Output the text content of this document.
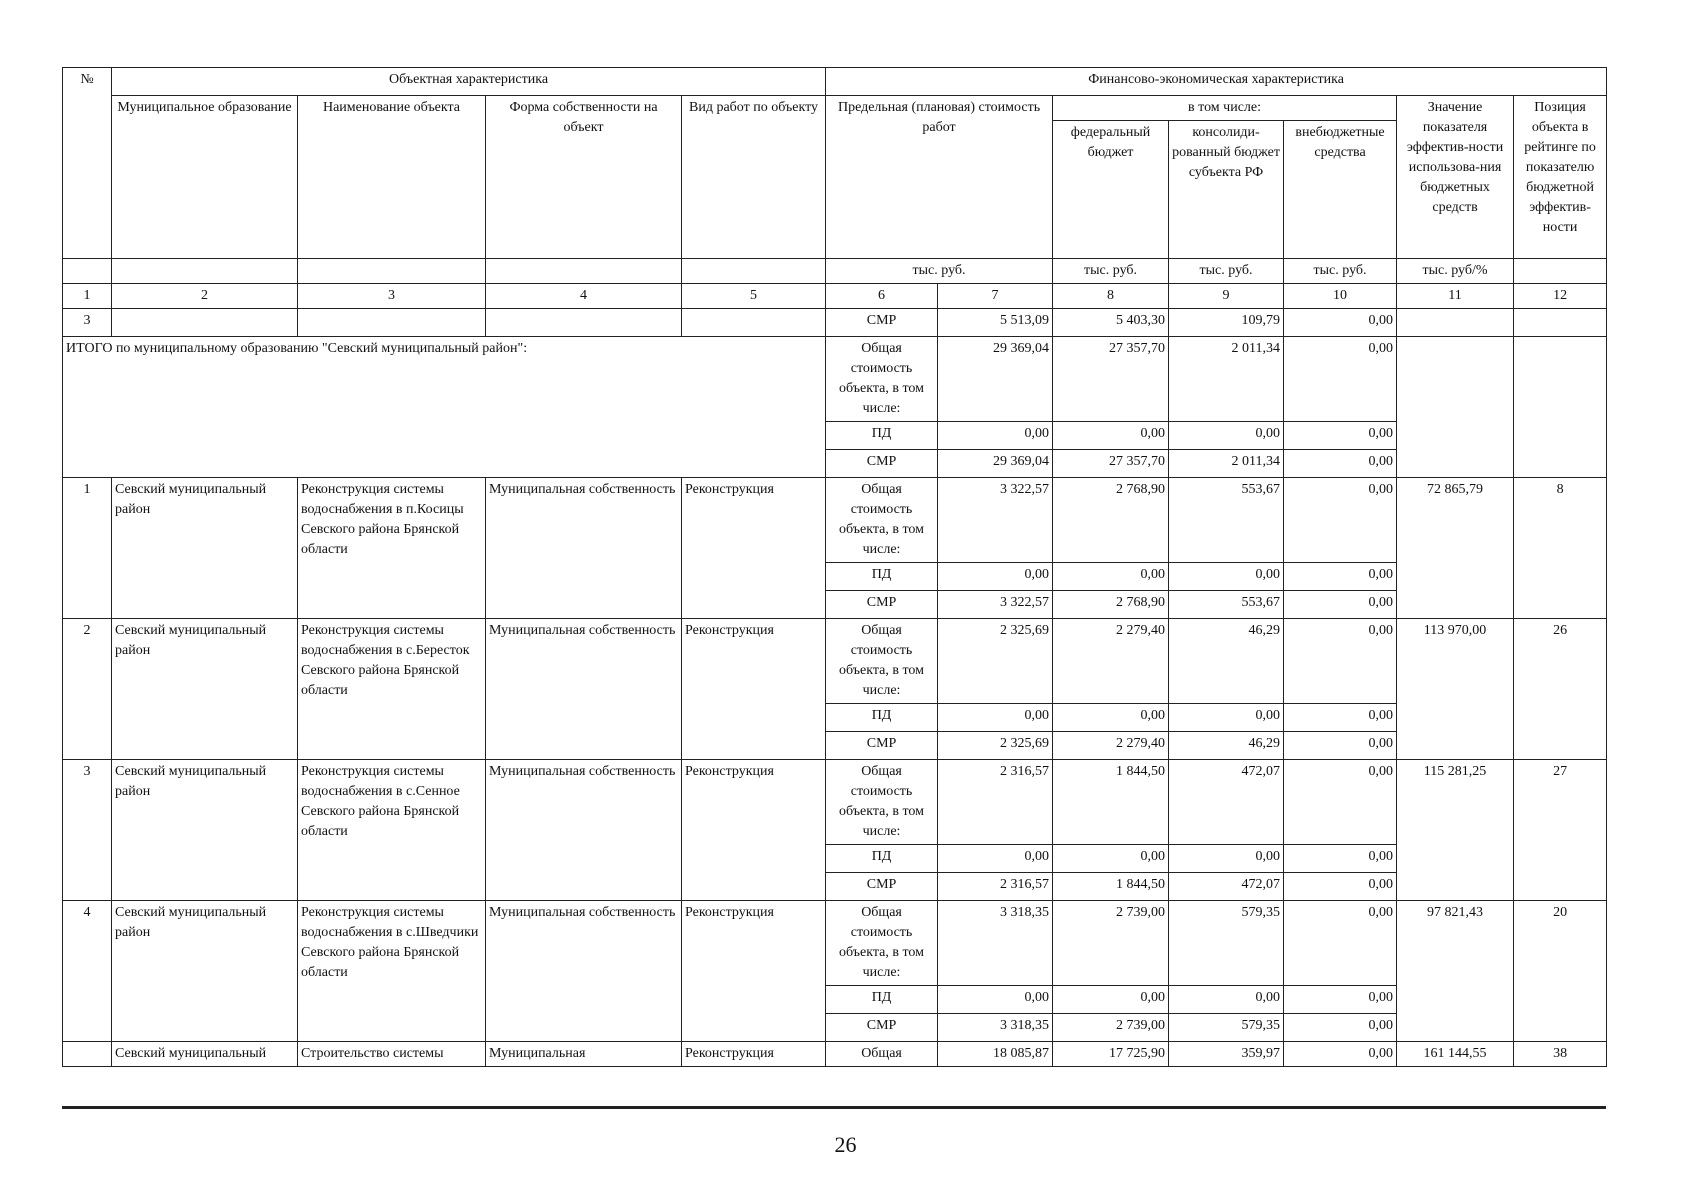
№	Объектная характеристика				Финансово-экономическая характеристика						
	Муниципальное образование	Наименование объекта	Форма собственности на объект	Вид работ по объекту	Предельная (плановая) стоимость работ		в том числе:			Значение показателя эффектив-ности использова-ния бюджетных средств	Позиция объекта в рейтинге по показателю бюджетной эффектив-ности
							федеральный бюджет	консолиди-рованный бюджет субъекта РФ	внебюджетные средства		
					тыс. руб.		тыс. руб.	тыс. руб.	тыс. руб.	тыс. руб/%	
1	2	3	4	5	6	7	8	9	10	11	12
3					СМР	5 513,09	5 403,30	109,79	0,00		
ИТОГО по муниципальному образованию "Севский муниципальный район":					Общая стоимость объекта, в том числе:	29 369,04	27 357,70	2 011,34	0,00		
					ПД	0,00	0,00	0,00	0,00		
					СМР	29 369,04	27 357,70	2 011,34	0,00		
1	Севский муниципальный район	Реконструкция системы водоснабжения в п.Косицы Севского района Брянской области	Муниципальная собственность	Реконструкция	Общая стоимость объекта, в том числе:	3 322,57	2 768,90	553,67	0,00	72 865,79	8
					ПД	0,00	0,00	0,00	0,00		
					СМР	3 322,57	2 768,90	553,67	0,00		
2	Севский муниципальный район	Реконструкция системы водоснабжения в с.Бересток Севского района Брянской области	Муниципальная собственность	Реконструкция	Общая стоимость объекта, в том числе:	2 325,69	2 279,40	46,29	0,00	113 970,00	26
					ПД	0,00	0,00	0,00	0,00		
					СМР	2 325,69	2 279,40	46,29	0,00		
3	Севский муниципальный район	Реконструкция системы водоснабжения в с.Сенное Севского района Брянской области	Муниципальная собственность	Реконструкция	Общая стоимость объекта, в том числе:	2 316,57	1 844,50	472,07	0,00	115 281,25	27
					ПД	0,00	0,00	0,00	0,00		
					СМР	2 316,57	1 844,50	472,07	0,00		
4	Севский муниципальный район	Реконструкция системы водоснабжения в с.Шведчики Севского района Брянской области	Муниципальная собственность	Реконструкция	Общая стоимость объекта, в том числе:	3 318,35	2 739,00	579,35	0,00	97 821,43	20
					ПД	0,00	0,00	0,00	0,00		
					СМР	3 318,35	2 739,00	579,35	0,00		
	Севский муниципальный	Строительство системы	Муниципальная	Реконструкция	Общая	18 085,87	17 725,90	359,97	0,00	161 144,55	38
26
